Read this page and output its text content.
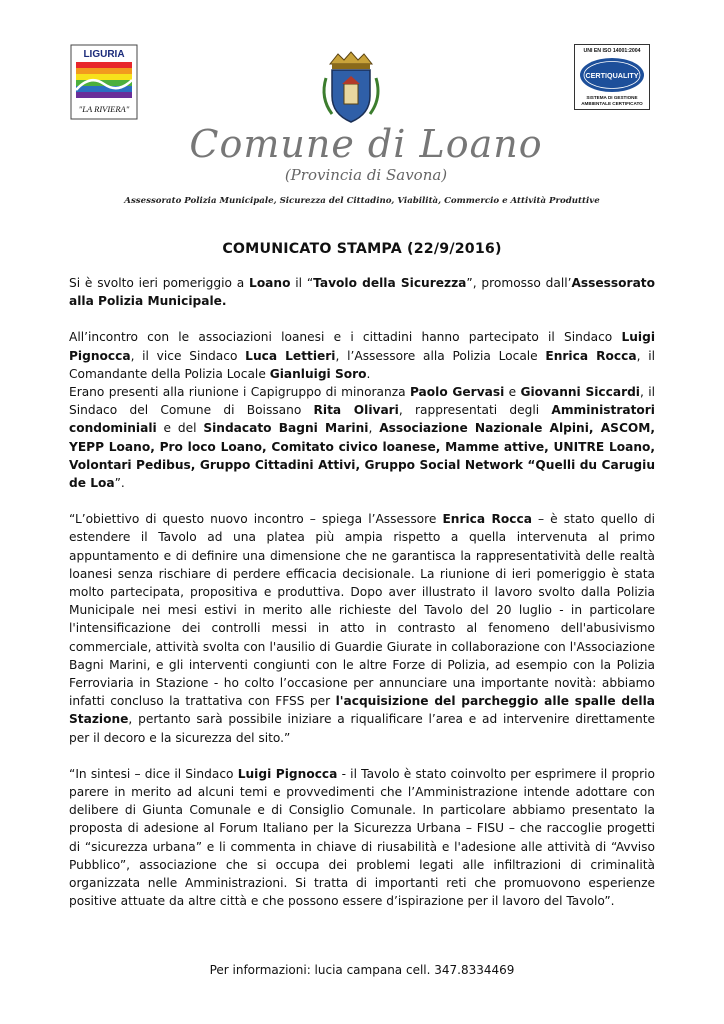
LIGURIA
"LA RIVIERA"
UNI EN ISO 14001:2004
CERTIQUALITY
SISTEMA DI GESTIONE
AMBIENTALE CERTIFICATO
Comune di Loano
(Provincia di Savona)
Assessorato Polizia Municipale, Sicurezza del Cittadino, Viabilità, Commercio e Attività Produttive
COMUNICATO STAMPA (22/9/2016)

Si è svolto ieri pomeriggio a Loano il “Tavolo della Sicurezza”, promosso dall’Assessorato alla Polizia Municipale.

All’incontro con le associazioni loanesi e i cittadini hanno partecipato il Sindaco Luigi Pignocca, il vice Sindaco Luca Lettieri, l’Assessore alla Polizia Locale Enrica Rocca, il Comandante della Polizia Locale Gianluigi Soro.

Erano presenti alla riunione i Capigruppo di minoranza Paolo Gervasi e Giovanni Siccardi, il Sindaco del Comune di Boissano Rita Olivari, rappresentati degli Amministratori condominiali e del Sindacato Bagni Marini, Associazione Nazionale Alpini, ASCOM, YEPP Loano, Pro loco Loano, Comitato civico loanese, Mamme attive, UNITRE Loano, Volontari Pedibus, Gruppo Cittadini Attivi, Gruppo Social Network “Quelli du Carugiu de Loa”.

“L’obiettivo di questo nuovo incontro – spiega l’Assessore Enrica Rocca – è stato quello di estendere il Tavolo ad una platea più ampia rispetto a quella intervenuta al primo appuntamento e di definire una dimensione che ne garantisca la rappresentatività delle realtà loanesi senza rischiare di perdere efficacia decisionale. La riunione di ieri pomeriggio è stata molto partecipata, propositiva e produttiva. Dopo aver illustrato il lavoro svolto dalla Polizia Municipale nei mesi estivi in merito alle richieste del Tavolo del 20 luglio - in particolare l'intensificazione dei controlli messi in atto in contrasto al fenomeno dell'abusivismo commerciale, attività svolta con l'ausilio di Guardie Giurate in collaborazione con l'Associazione Bagni Marini, e gli interventi congiunti con le altre Forze di Polizia, ad esempio con la Polizia Ferroviaria in Stazione - ho colto l’occasione per annunciare una importante novità: abbiamo infatti concluso la trattativa con FFSS per l'acquisizione del parcheggio alle spalle della Stazione, pertanto sarà possibile iniziare a riqualificare l’area e ad intervenire direttamente per il decoro e la sicurezza del sito.”

“In sintesi – dice il Sindaco Luigi Pignocca - il Tavolo è stato coinvolto per esprimere il proprio parere in merito ad alcuni temi e provvedimenti che l’Amministrazione intende adottare con delibere di Giunta Comunale e di Consiglio Comunale. In particolare abbiamo presentato la proposta di adesione al Forum Italiano per la Sicurezza Urbana – FISU – che raccoglie progetti di “sicurezza urbana” e li commenta in chiave di riusabilità e l'adesione alle attività di “Avviso Pubblico”, associazione che si occupa dei problemi legati alle infiltrazioni di criminalità organizzata nelle Amministrazioni. Si tratta di importanti reti che promuovono esperienze positive attuate da altre città e che possono essere d’ispirazione per il lavoro del Tavolo”.

Per informazioni: lucia campana cell. 347.8334469
